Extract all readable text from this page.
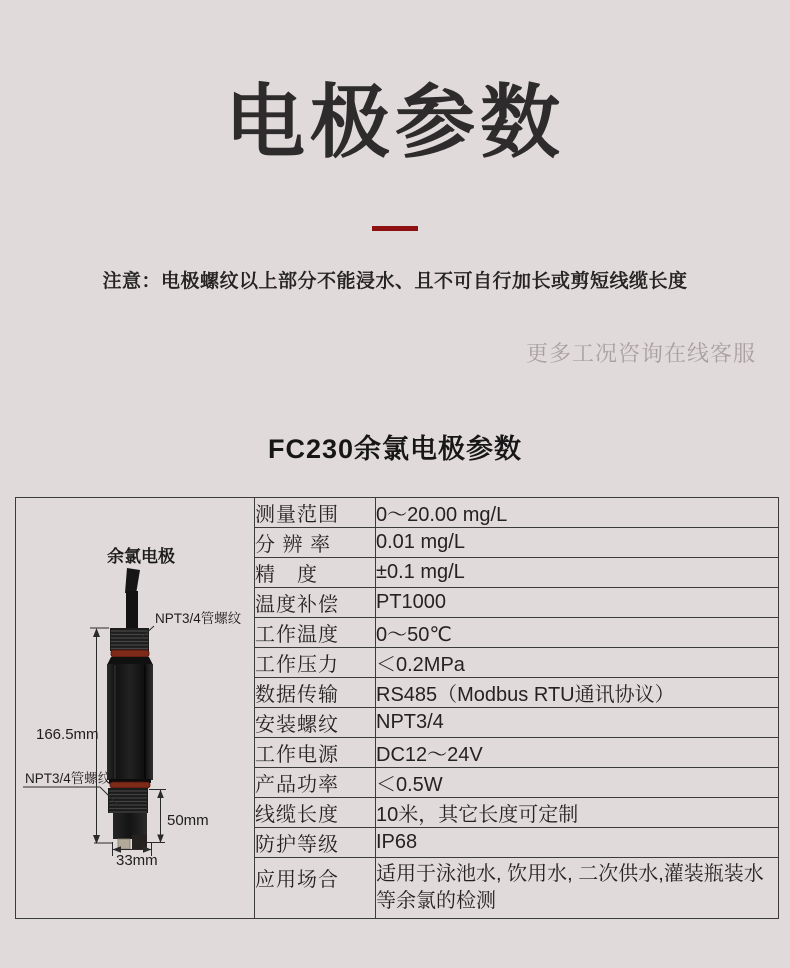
电极参数
注意：电极螺纹以上部分不能浸水、且不可自行加长或剪短线缆长度
更多工况咨询在线客服
FC230余氯电极参数
余氯电极
166.5mm
50mm
33mm
NPT3/4管螺纹
NPT3/4管螺纹
	测量范围	0～20.00 mg/L
	分 辨 率	0.01 mg/L
	精　度	±0.1 mg/L
	温度补偿	PT1000
	工作温度	0～50℃
	工作压力	＜0.2MPa
	数据传输	RS485（Modbus RTU通讯协议）
	安装螺纹	NPT3/4
	工作电源	DC12～24V
	产品功率	＜0.5W
	线缆长度	10米，其它长度可定制
	防护等级	IP68
	应用场合	适用于泳池水, 饮用水, 二次供水,灌装瓶装水等余氯的检测
